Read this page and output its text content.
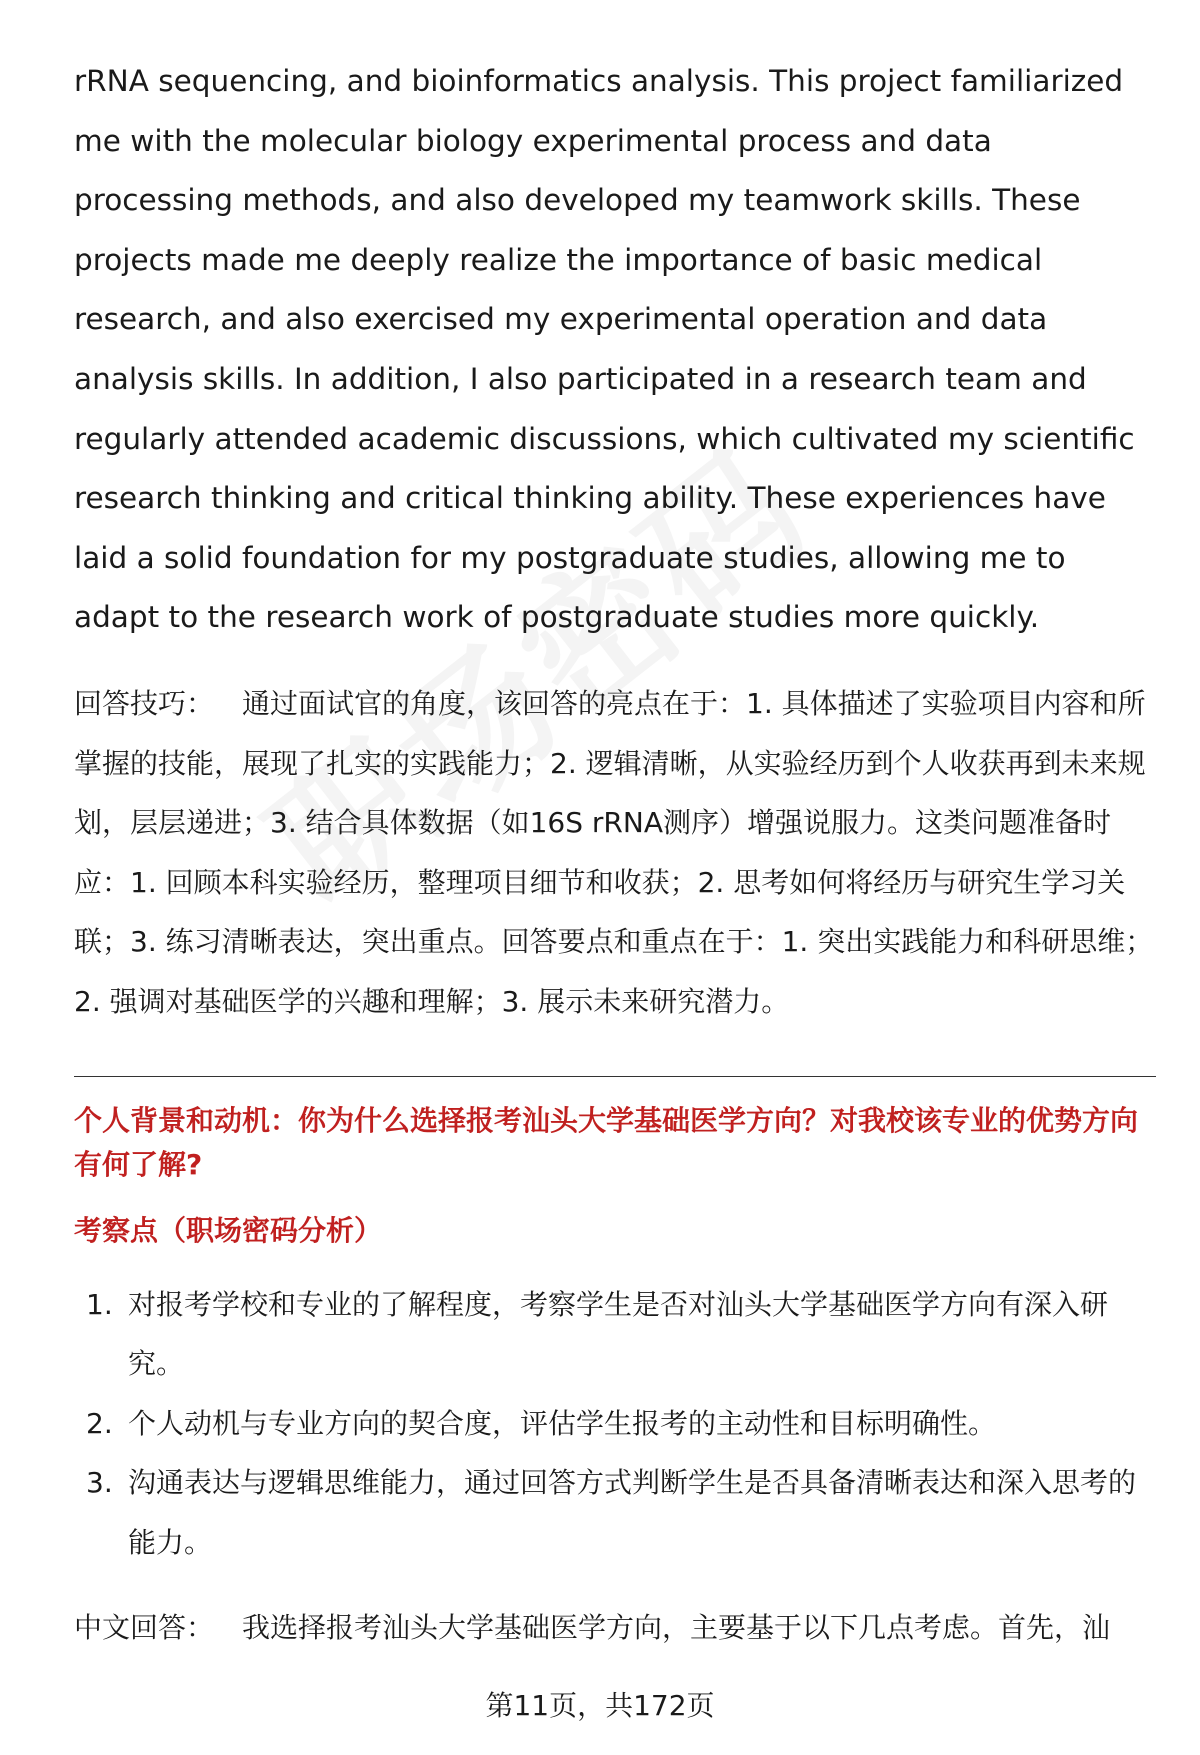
rRNA sequencing, and bioinformatics analysis. This project familiarized me with the molecular biology experimental process and data processing methods, and also developed my teamwork skills. These projects made me deeply realize the importance of basic medical research, and also exercised my experimental operation and data analysis skills. In addition, I also participated in a research team and regularly attended academic discussions, which cultivated my scientific research thinking and critical thinking ability. These experiences have laid a solid foundation for my postgraduate studies, allowing me to adapt to the research work of postgraduate studies more quickly.

回答技巧：  通过面试官的角度，该回答的亮点在于：1. 具体描述了实验项目内容和所掌握的技能，展现了扎实的实践能力；2. 逻辑清晰，从实验经历到个人收获再到未来规划，层层递进；3. 结合具体数据（如16S rRNA测序）增强说服力。这类问题准备时应：1. 回顾本科实验经历，整理项目细节和收获；2. 思考如何将经历与研究生学习关联；3. 练习清晰表达，突出重点。回答要点和重点在于：1. 突出实践能力和科研思维；2. 强调对基础医学的兴趣和理解；3. 展示未来研究潜力。

个人背景和动机：你为什么选择报考汕头大学基础医学方向？对我校该专业的优势方向有何了解?

考察点（职场密码分析）

1. 对报考学校和专业的了解程度，考察学生是否对汕头大学基础医学方向有深入研究。
2. 个人动机与专业方向的契合度，评估学生报考的主动性和目标明确性。
3. 沟通表达与逻辑思维能力，通过回答方式判断学生是否具备清晰表达和深入思考的能力。

中文回答：  我选择报考汕头大学基础医学方向，主要基于以下几点考虑。首先，汕

第11页，共172页
